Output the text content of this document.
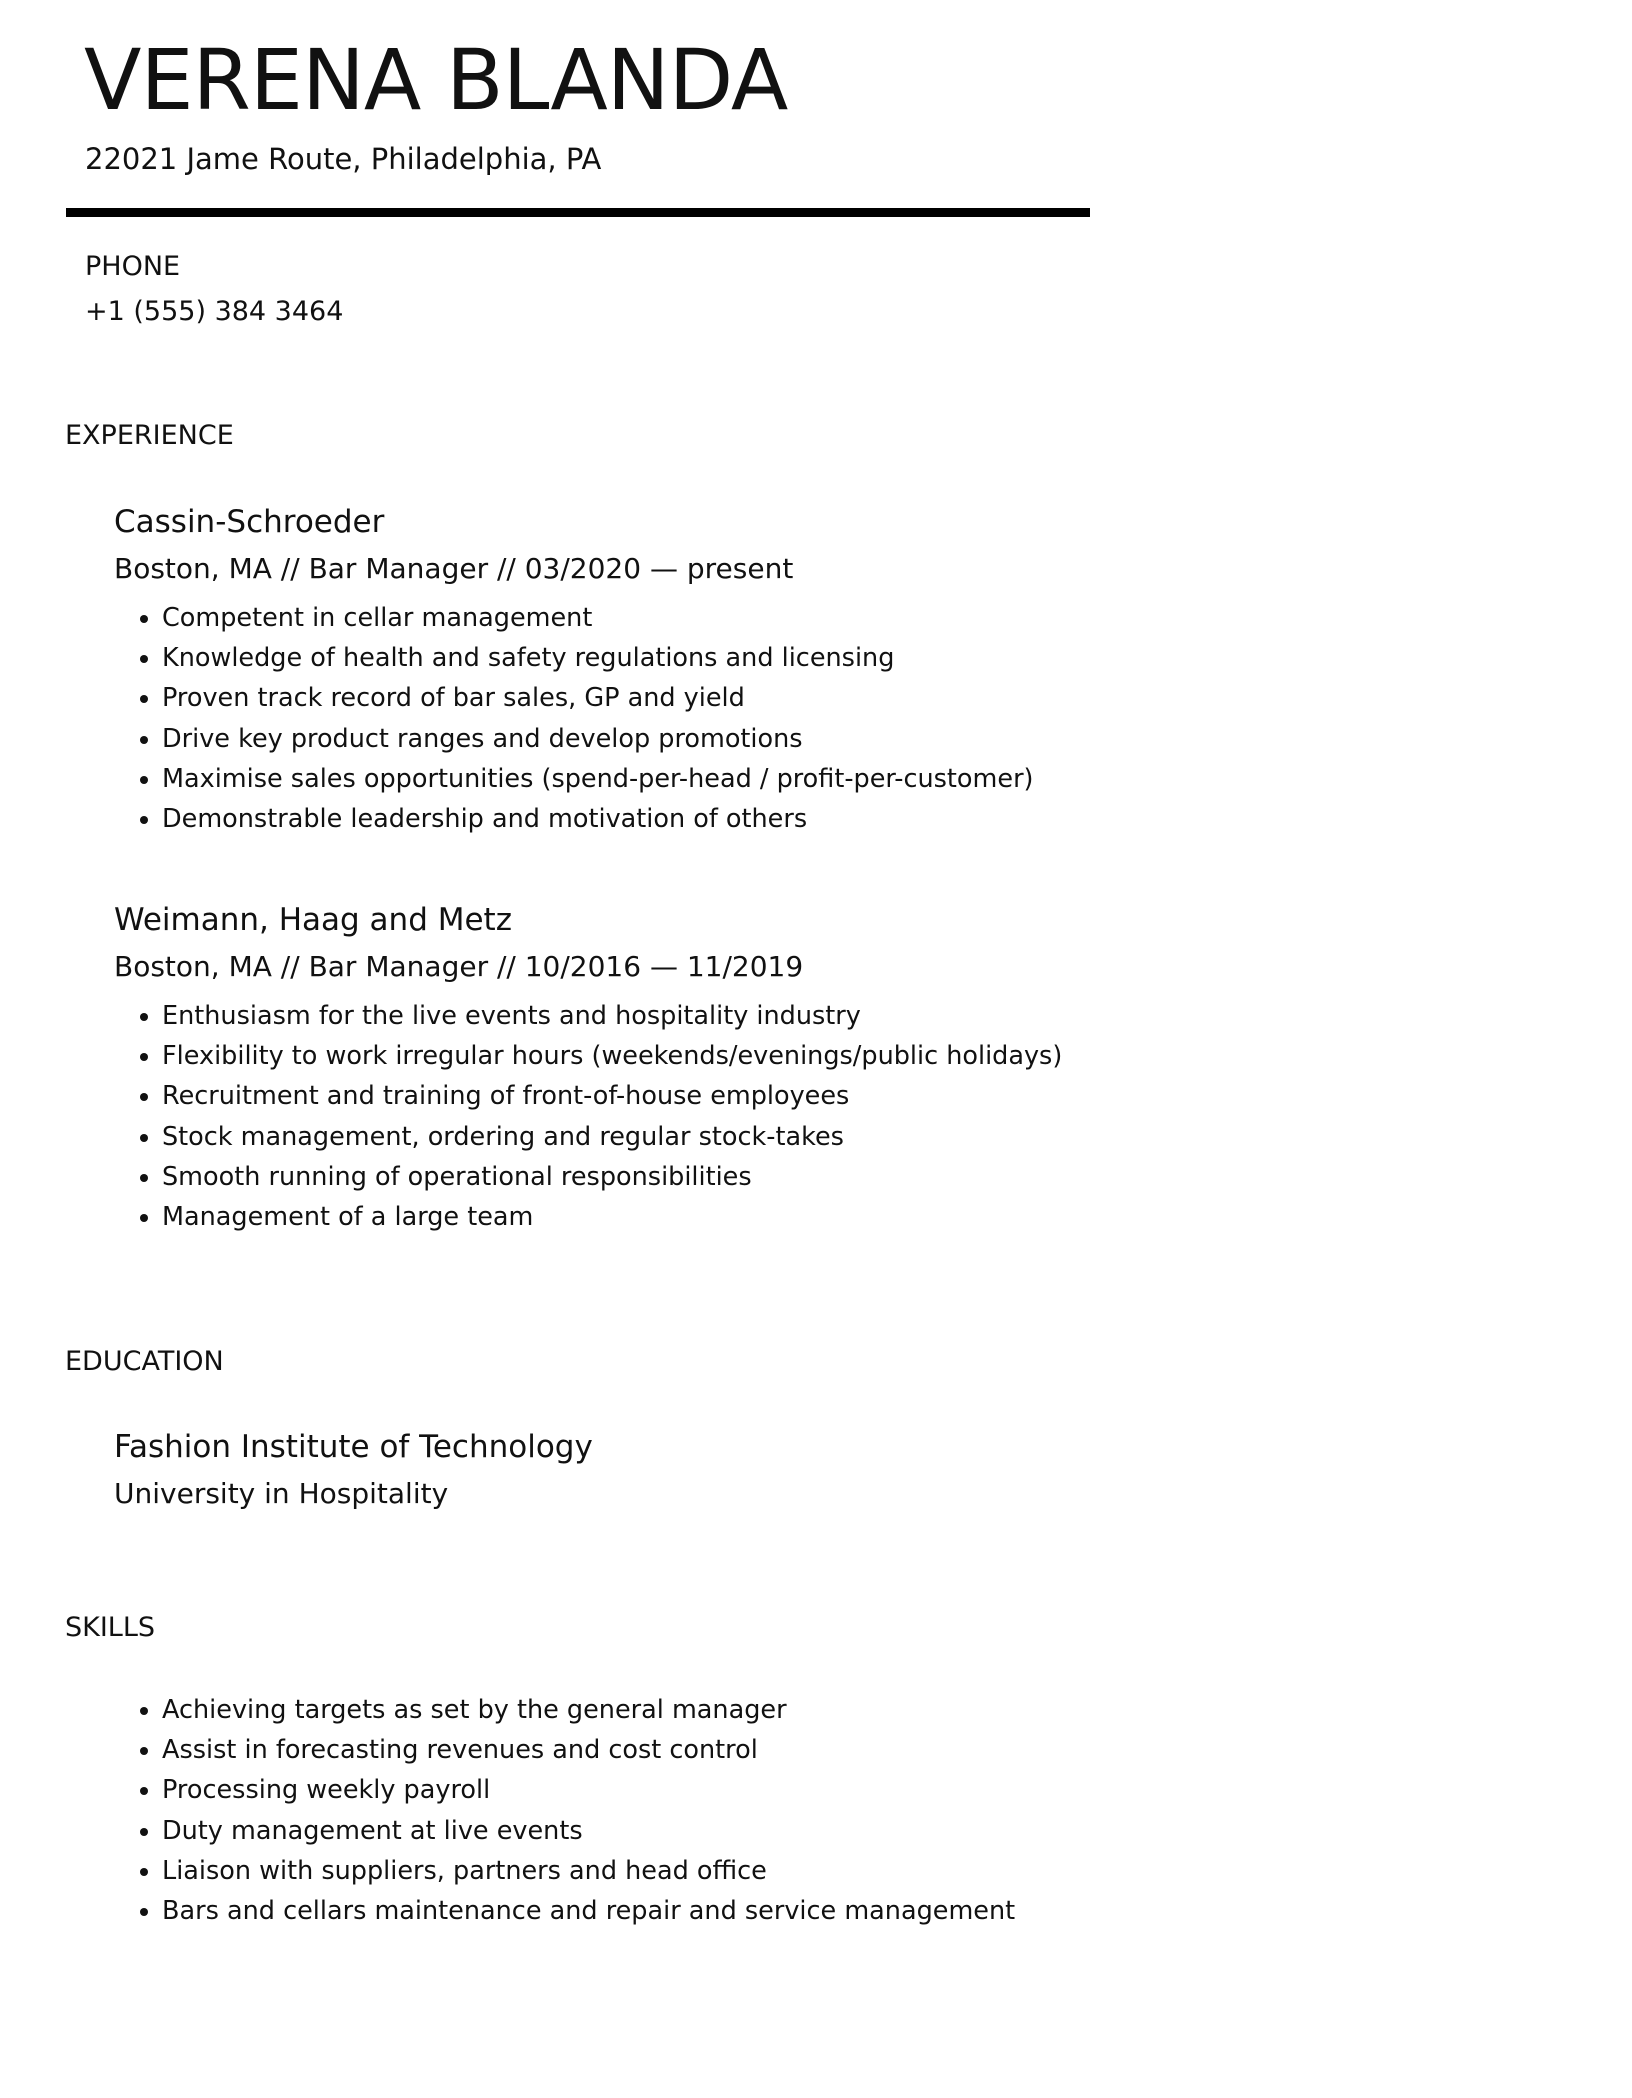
VERENA BLANDA
22021 Jame Route, Philadelphia, PA
PHONE
+1 (555) 384 3464
EXPERIENCE
Cassin-Schroeder
Boston, MA // Bar Manager // 03/2020 — present
• Competent in cellar management
• Knowledge of health and safety regulations and licensing
• Proven track record of bar sales, GP and yield
• Drive key product ranges and develop promotions
• Maximise sales opportunities (spend-per-head / profit-per-customer)
• Demonstrable leadership and motivation of others
Weimann, Haag and Metz
Boston, MA // Bar Manager // 10/2016 — 11/2019
• Enthusiasm for the live events and hospitality industry
• Flexibility to work irregular hours (weekends/evenings/public holidays)
• Recruitment and training of front-of-house employees
• Stock management, ordering and regular stock-takes
• Smooth running of operational responsibilities
• Management of a large team
EDUCATION
Fashion Institute of Technology
University in Hospitality
SKILLS
• Achieving targets as set by the general manager
• Assist in forecasting revenues and cost control
• Processing weekly payroll
• Duty management at live events
• Liaison with suppliers, partners and head office
• Bars and cellars maintenance and repair and service management
